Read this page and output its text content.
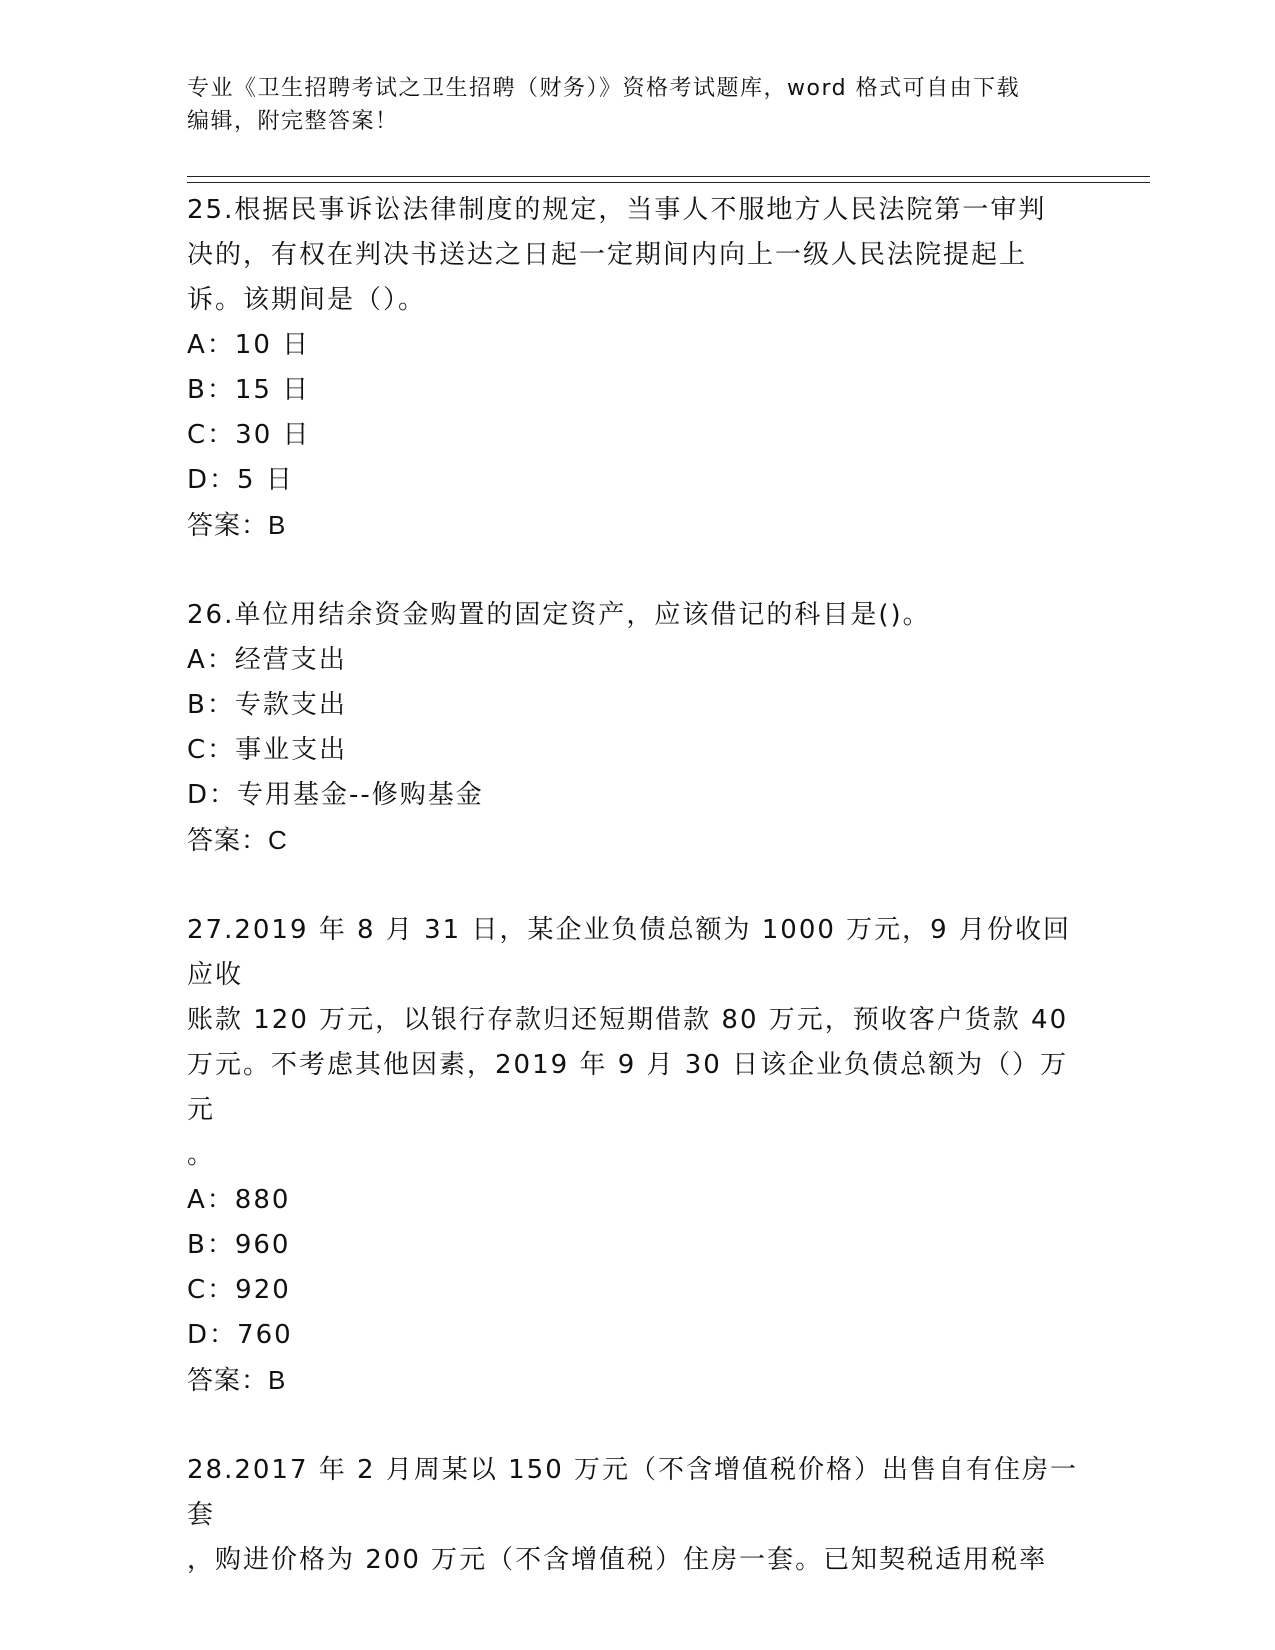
专业《卫生招聘考试之卫生招聘（财务）》资格考试题库，word 格式可自由下载
编辑，附完整答案！

25.根据民事诉讼法律制度的规定，当事人不服地方人民法院第一审判

决的，有权在判决书送达之日起一定期间内向上一级人民法院提起上

诉。该期间是（）。

A：10 日

B：15 日

C：30 日

D：5 日

答案：B

26.单位用结余资金购置的固定资产，应该借记的科目是()。

A：经营支出

B：专款支出

C：事业支出

D：专用基金--修购基金

答案：C

27.2019 年 8 月 31 日，某企业负债总额为 1000 万元，9 月份收回应收

账款 120 万元，以银行存款归还短期借款 80 万元，预收客户货款 40

万元。不考虑其他因素，2019 年 9 月 30 日该企业负债总额为（）万元

。

A：880

B：960

C：920

D：760

答案：B

28.2017 年 2 月周某以 150 万元（不含增值税价格）出售自有住房一套

，购进价格为 200 万元（不含增值税）住房一套。已知契税适用税率
